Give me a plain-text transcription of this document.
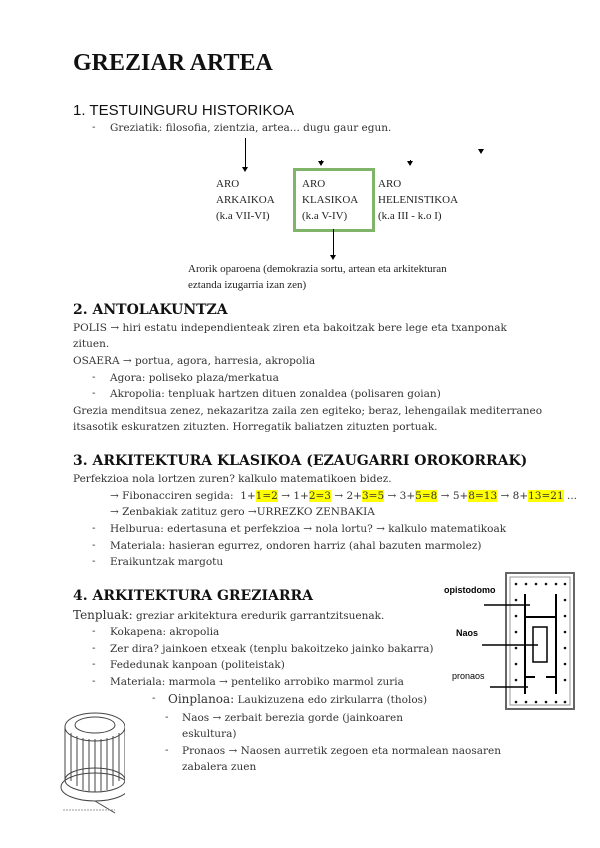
GREZIAR ARTEA
1. TESTUINGURU HISTORIKOA
- Greziatik: filosofia, zientzia, artea... dugu gaur egun.
ARO
ARKAIKOA
(k.a VII-VI)
ARO
KLASIKOA
(k.a V-IV)
ARO
HELENISTIKOA
(k.a III - k.o I)
Arorik oparoena (demokrazia sortu, artean eta arkitekturan
eztanda izugarria izan zen)
2. ANTOLAKUNTZA
POLIS → hiri estatu independienteak ziren eta bakoitzak bere lege eta txanponak
zituen.
OSAERA → portua, agora, harresia, akropolia
- Agora: poliseko plaza/merkatua
- Akropolia: tenpluak hartzen dituen zonaldea (polisaren goian)
Grezia menditsua zenez, nekazaritza zaila zen egiteko; beraz, lehengailak mediterraneo
itsasotik eskuratzen zituzten. Horregatik baliatzen zituzten portuak.
3. ARKITEKTURA KLASIKOA (EZAUGARRI OROKORRAK)
Perfekzioa nola lortzen zuren? kalkulo matematikoen bidez.
→ Fibonacciren segida: 1+1=2 → 1+2=3 → 2+3=5 → 3+5=8 → 5+8=13 → 8+13=21 ...
→ Zenbakiak zatituz gero →URREZKO ZENBAKIA
- Helburua: edertasuna et perfekzioa → nola lortu? → kalkulo matematikoak
- Materiala: hasieran egurrez, ondoren harriz (ahal bazuten marmolez)
- Eraikuntzak margotu
4. ARKITEKTURA GREZIARRA
Tenpluak: greziar arkitektura eredurik garrantzitsuenak.
- Kokapena: akropolia
- Zer dira? jainkoen etxeak (tenplu bakoitzeko jainko bakarra)
- Fededunak kanpoan (politeistak)
- Materiala: marmola → penteliko arrobiko marmol zuria
- Oinplanoa: Laukizuzena edo zirkularra (tholos)
- Naos → zerbait berezia gorde (jainkoaren
eskultura)
- Pronaos → Naosen aurretik zegoen eta normalean naosaren
zabalera zuen
opistodomo
Naos
pronaos
